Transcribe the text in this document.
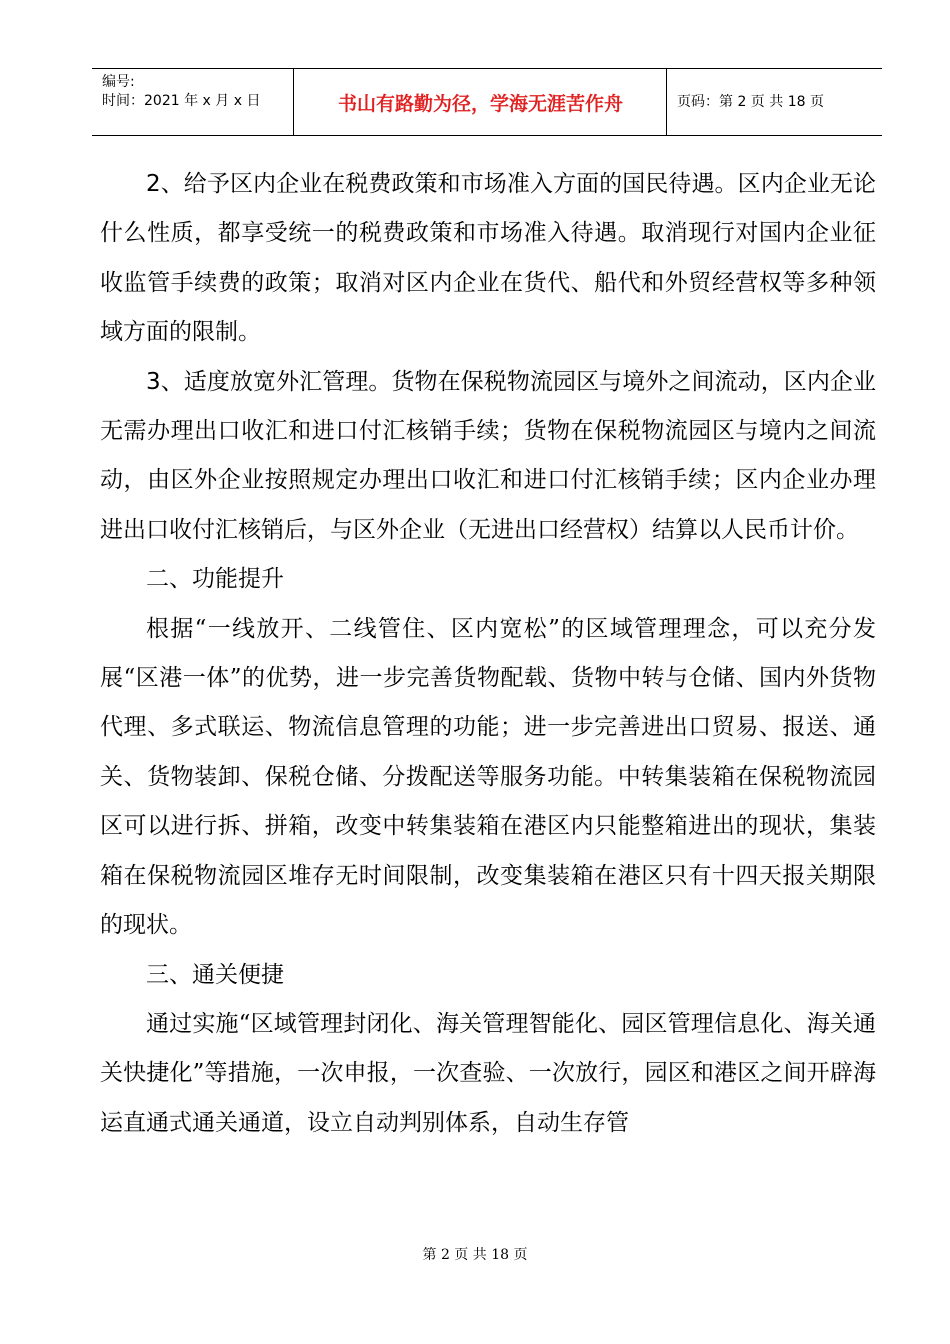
编号:
时间：2021 年 x 月 x 日	书山有路勤为径，学海无涯苦作舟	页码：第 2 页 共 18 页

2、给予区内企业在税费政策和市场准入方面的国民待遇。区内企业无论什么性质，都享受统一的税费政策和市场准入待遇。取消现行对国内企业征收监管手续费的政策；取消对区内企业在货代、船代和外贸经营权等多种领域方面的限制。

3、适度放宽外汇管理。货物在保税物流园区与境外之间流动，区内企业无需办理出口收汇和进口付汇核销手续；货物在保税物流园区与境内之间流动，由区外企业按照规定办理出口收汇和进口付汇核销手续；区内企业办理进出口收付汇核销后，与区外企业（无进出口经营权）结算以人民币计价。

二、功能提升

根据“一线放开、二线管住、区内宽松”的区域管理理念，可以充分发展“区港一体”的优势，进一步完善货物配载、货物中转与仓储、国内外货物代理、多式联运、物流信息管理的功能；进一步完善进出口贸易、报送、通关、货物装卸、保税仓储、分拨配送等服务功能。中转集装箱在保税物流园区可以进行拆、拼箱，改变中转集装箱在港区内只能整箱进出的现状，集装箱在保税物流园区堆存无时间限制，改变集装箱在港区只有十四天报关期限的现状。

三、通关便捷

通过实施“区域管理封闭化、海关管理智能化、园区管理信息化、海关通关快捷化”等措施，一次申报，一次查验、一次放行，园区和港区之间开辟海运直通式通关通道，设立自动判别体系，自动生存管

第 2 页 共 18 页
